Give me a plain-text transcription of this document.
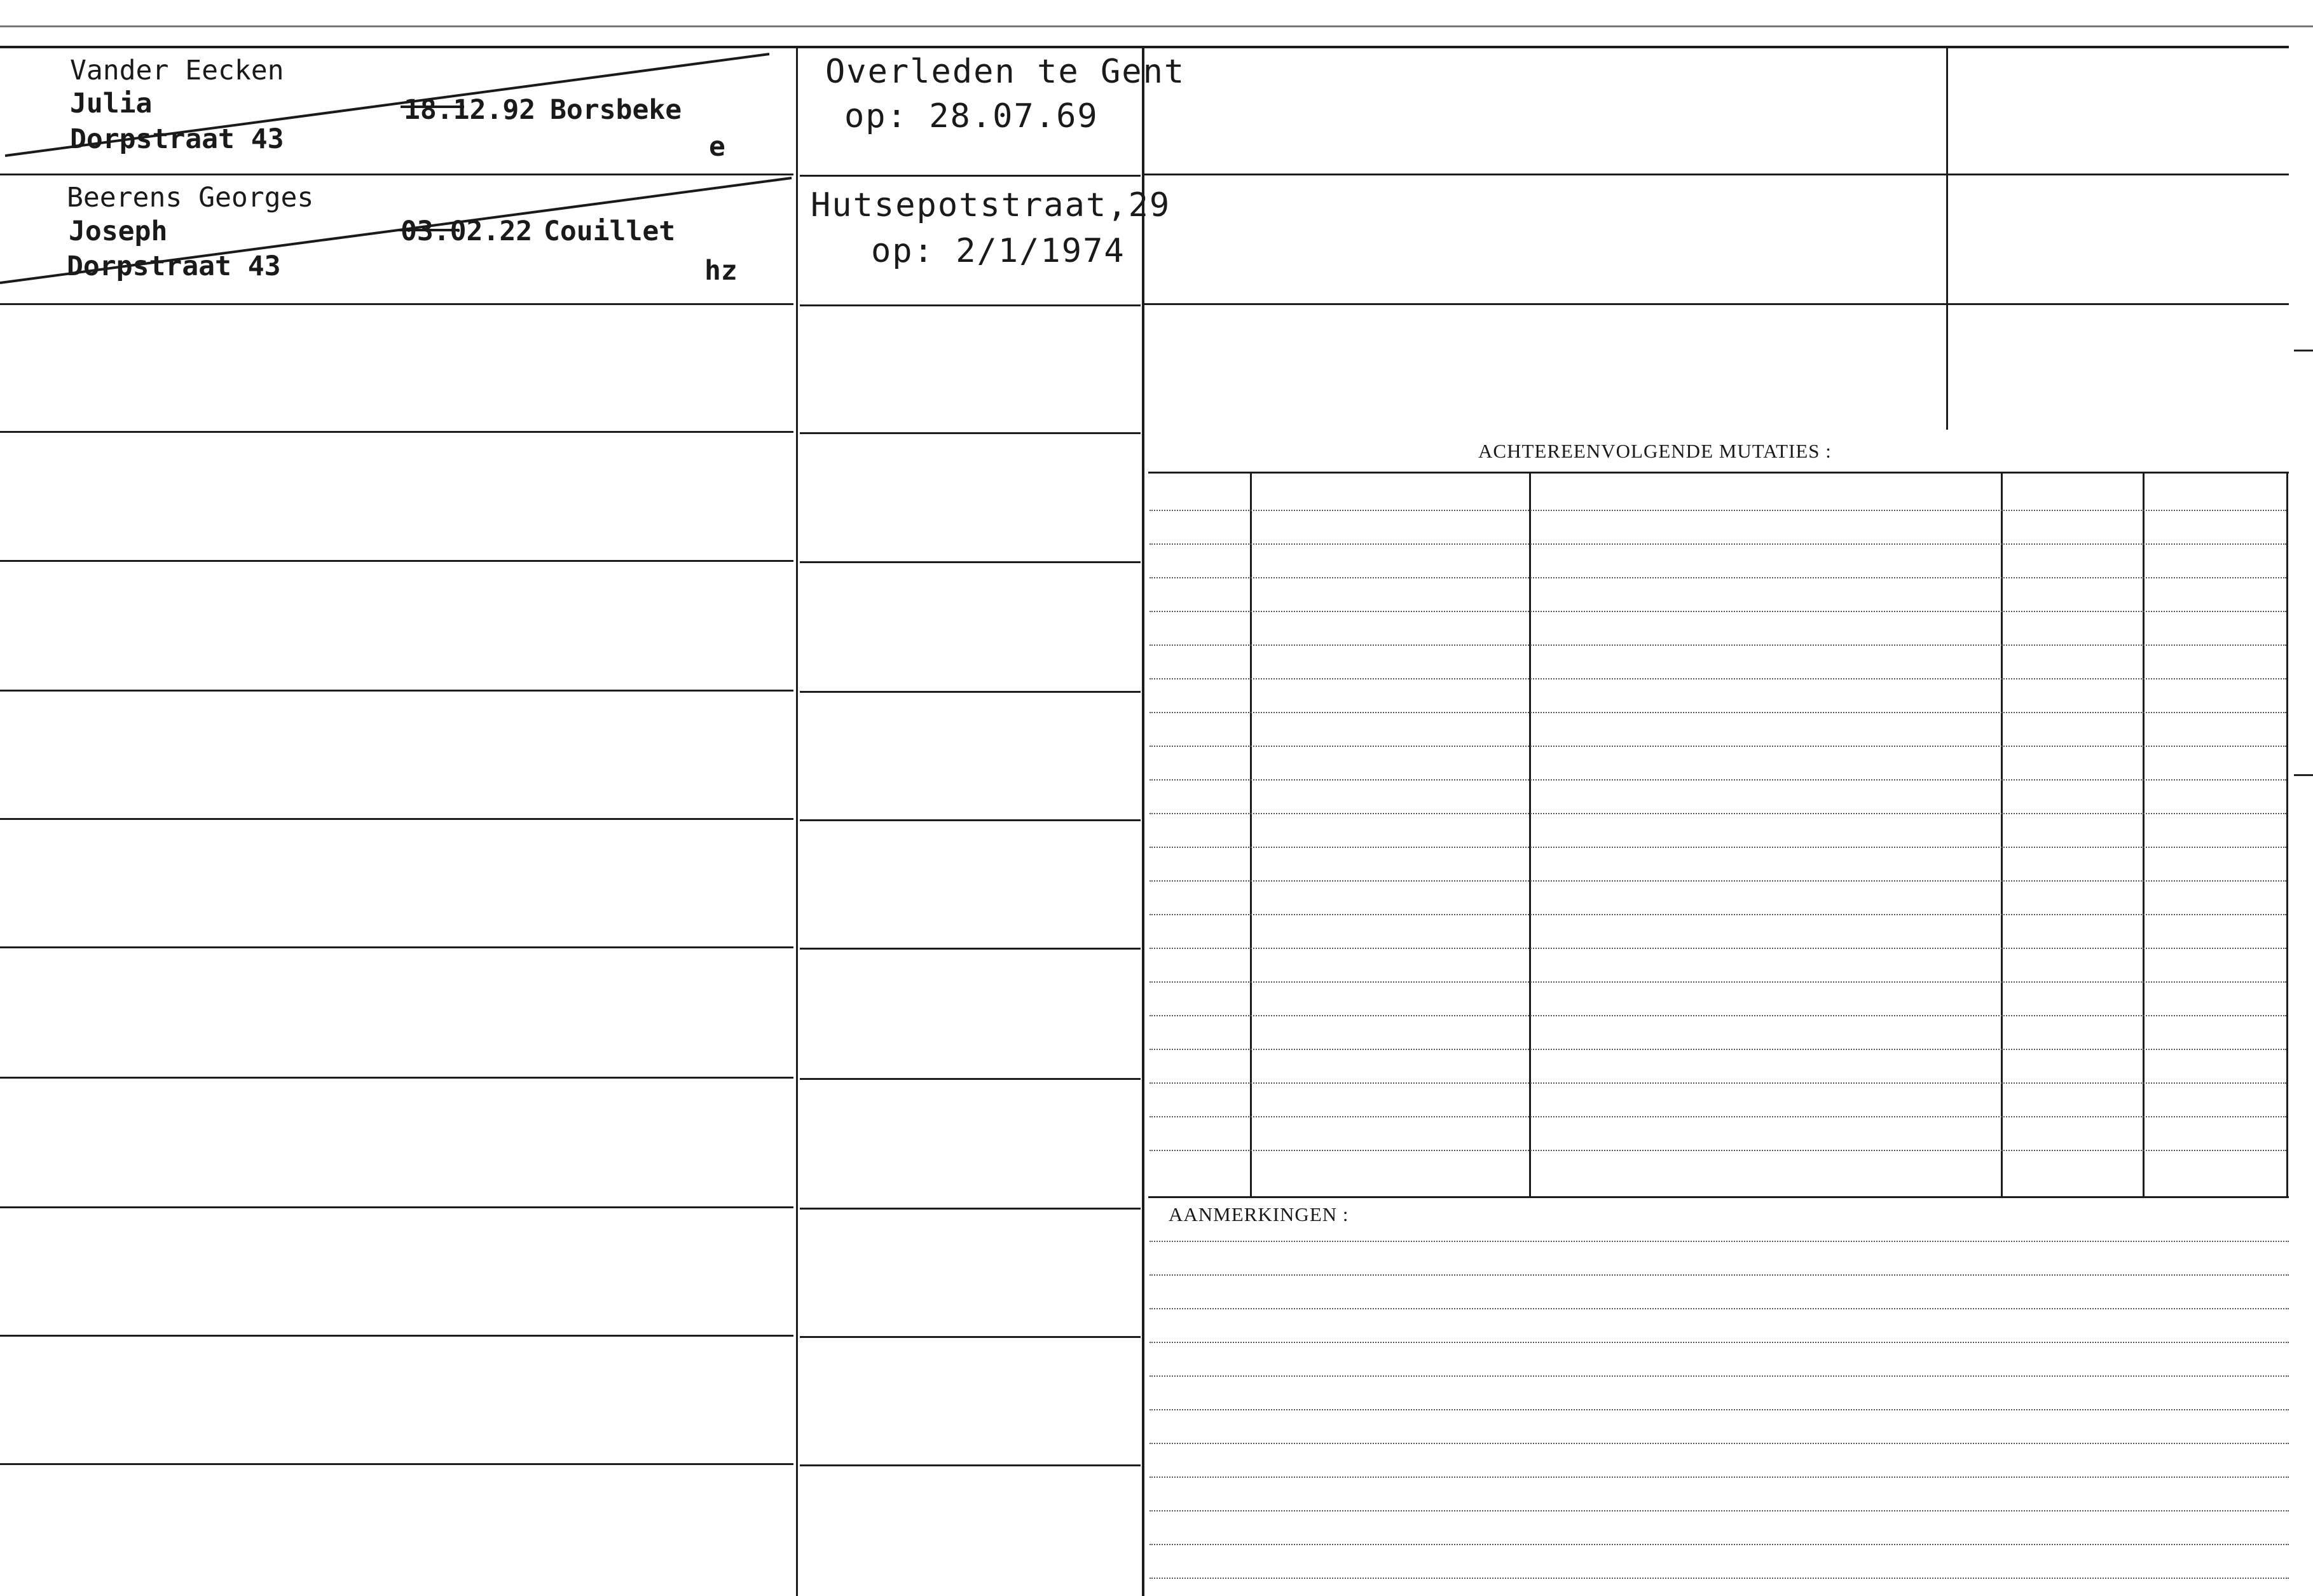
Vander Eecken
Julia	18.12.92 Borsbeke
Dorpstraat 43	e
Overleden te Gent
op: 28.07.69
Beerens Georges
Joseph	03.02.22 Couillet
Dorpstraat 43	hz
Hutsepotstraat,29
op: 2/1/1974
ACHTEREENVOLGENDE MUTATIES :
AANMERKINGEN :
